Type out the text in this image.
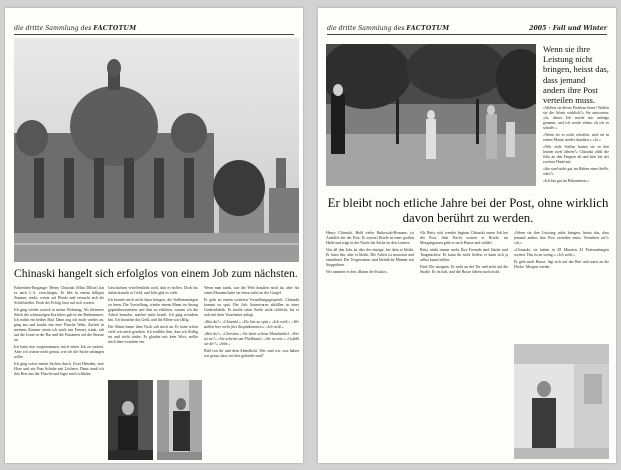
die dritte Sammlung des FACTOTUM
Chinaski hangelt sich erfolglos von einem Job zum nächsten.

Fahrenheit-Eingänge: Henry Chinaski (Matt Dillon) hat es nach L.A. verschlagen. Er lebt in einem billigen Zimmer, trinkt, wettet auf Pferde und versucht sich als Schriftsteller. Doch der Erfolg lässt auf sich warten.

Ich ging wieder zurück in meine Wohnung. Als kleineres Stück des schmutzigen Korridors gab es ein Badezimmer. Ich nahm ein heißes Bad. Dann zog ich mich wieder an, ging aus und kaufte mir eine Flasche Wein. Zurück in meinem Zimmer setzte ich mich ans Fenster, trank, sah auf die Leute in der Bar und die Passanten auf der Strasse an.

Ich hatte mir vorgenommen, mich einen Job zu suchen. Aber ich wusste nicht genau, wie ich die Sache anfangen sollte.

Ich ging sofort meine Sachen durch. Zwei Hemden, eine Hose und ein Paar Schuhe mit Löchern. Dann trank ich den Rest aus der Flasche und legte mich schlafen.

Geschichten veröffentlicht wird, darf er hoffen. Doch bis dahin braucht er Geld, und Jobs gibt es viele.

Ich konnte mich nicht dazu bringen, die Stellenanzeigen zu lesen. Die Vorstellung, wieder einem Mann im Anzug gegenüberzusitzen und ihm zu erklären, warum ich die Arbeit brauche, machte mich krank. Ich ging trotzdem hin. Ich brauchte das Geld, und die Miete war fällig.

Der Mann hinter dem Tisch sah mich an. Er hatte schon viele wie mich gesehen. Ich erzählte ihm, dass ich fleißig sei und nicht trinke. Er glaubte mir kein Wort, stellte mich aber trotzdem ein.

Wenn man trank, war die Welt draußen noch da, aber für einen Moment hatte sie einen nicht an der Gurgel.

Er geht zu einem weiteren Vorstellungsgespräch. Chinaski kommt zu spät. Der Job: Sauerwaren abfüllen in einer Gurkenfabrik. Er macht seine Sache nicht schlecht, bis er sich mit dem Vorarbeiter anlegt.

»Bist du?« »Chinaski.« »Du bist zu spät.« »Ich weiß.« »Wir zahlen hier nicht fürs Zuspätkommen.« »Ich weiß.«

»Bist du?« »Christine.« Sie hatte schöne Mundwinkel. »Wer ist sie?« »Sie arbeitet am Fließband.« »Sie ist nett.« »Gefällt sie dir?« »Sehr.«

Bild von ihr und dem Abendlicht. Wer sind wir, was haben wir getan, dass wir hier gelandet sind?

die dritte Sammlung des FACTOTUM	2005 · Fall und Winter
Wenn sie ihre Leistung nicht bringen, heisst das, dass jemand anders ihre Post verteilen muss.

»Wollen sie dieses Problem lösen? Wollen sie die Arbeit wirklich?« Sie antworten: »Ja, dieser Job wurde mir anfangs genannt, und ich werde sehen, ob ich es schaffe.«

»Wenn sie es nicht schaffen, sind sie in einem Monat wieder draußen.« »Ja.«

»Wie viele Stellen hatten sie in den letzten zwei Jahren?« Chinaski zählt die Jobs an den Fingern ab und hört bei der zweiten Hand auf.

»Sie sind nicht gut im Halten einer Stelle, oder?«

»Ich bin gut im Bekommen.«

Er bleibt noch etliche Jahre bei der Post, ohne wirklich davon berührt zu werden.

Henry Chinaski, Held vieler Bukowski-Romane, ist Aushilfe bei der Post. Er sortiert Briefe in einer großen Halle und trägt in der Nacht die Säcke zu den Lastern.

Von all den Jobs ist dies der einzige, bei dem er bleibt. Er hasst ihn, aber er bleibt. Die Arbeit ist monoton und ermüdend. Die Vorgesetzten sind kleinliche Männer mit Stoppuhren.

Wir nannten es den »Baum der Kacke«.

Als Betty sich wendet beginnt Chinaski einen Job bei der Post. Jede Nacht sortiert er Briefe, im Morgengrauen geht er nach Hause und schläft.

Betty trinkt immer mehr. Ihre Freunde sind Säufer und Taugenichtse. Er kann ihr nicht helfen, er kann sich ja selbst kaum helfen.

Fünf Uhr morgens. Er steht an der Tür und sieht auf die Straße. Es ist kalt, und die Busse fahren noch nicht.

»Wenn sie ihre Leistung nicht bringen, heisst das, dass jemand anders ihre Post verteilen muss. Verstehen sie?« »Ja.«

»Chinaski, sie haben in 28 Minuten 23 Postsendungen sortiert. Das ist zu wenig.« »Ich weiß.«

Er geht nach Hause, legt sich auf das Bett und starrt an die Decke. Morgen wieder.
